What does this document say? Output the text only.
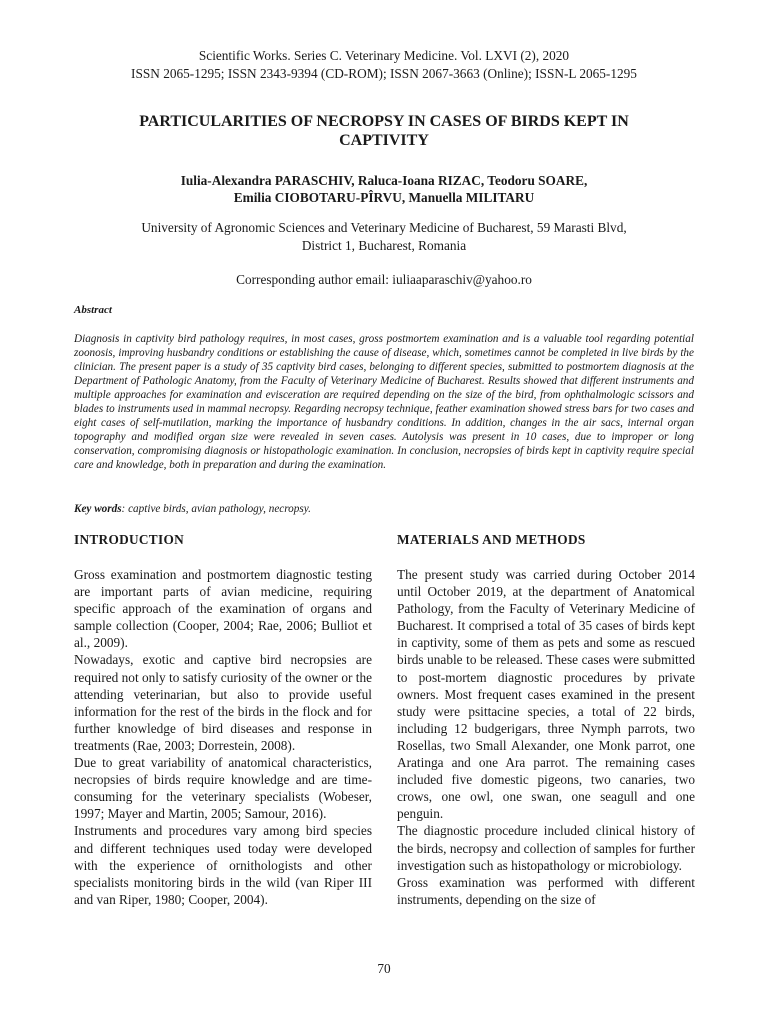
Scientific Works. Series C. Veterinary Medicine. Vol. LXVI (2), 2020
ISSN 2065-1295; ISSN 2343-9394 (CD-ROM); ISSN 2067-3663 (Online); ISSN-L 2065-1295
PARTICULARITIES OF NECROPSY IN CASES OF BIRDS KEPT IN
CAPTIVITY
Iulia-Alexandra PARASCHIV, Raluca-Ioana RIZAC, Teodoru SOARE,
Emilia CIOBOTARU-PÎRVU, Manuella MILITARU
University of Agronomic Sciences and Veterinary Medicine of Bucharest, 59 Marasti Blvd,
District 1, Bucharest, Romania
Corresponding author email: iuliaaparaschiv@yahoo.ro
Abstract
Diagnosis in captivity bird pathology requires, in most cases, gross postmortem examination and is a valuable tool regarding potential zoonosis, improving husbandry conditions or establishing the cause of disease, which, sometimes cannot be completed in live birds by the clinician. The present paper is a study of 35 captivity bird cases, belonging to different species, submitted to postmortem diagnosis at the Department of Pathologic Anatomy, from the Faculty of Veterinary Medicine of Bucharest. Results showed that different instruments and multiple approaches for examination and evisceration are required depending on the size of the bird, from ophthalmologic scissors and blades to instruments used in mammal necropsy. Regarding necropsy technique, feather examination showed stress bars for two cases and eight cases of self-mutilation, marking the importance of husbandry conditions. In addition, changes in the air sacs, internal organ topography and modified organ size were revealed in seven cases. Autolysis was present in 10 cases, due to improper or long conservation, compromising diagnosis or histopathologic examination. In conclusion, necropsies of birds kept in captivity require special care and knowledge, both in preparation and during the examination.
Key words: captive birds, avian pathology, necropsy.
INTRODUCTION	MATERIALS AND METHODS

Gross examination and postmortem diagnostic testing are important parts of avian medicine, requiring specific approach of the examination of organs and sample collection (Cooper, 2004; Rae, 2006; Bulliot et al., 2009).

Nowadays, exotic and captive bird necropsies are required not only to satisfy curiosity of the owner or the attending veterinarian, but also to provide useful information for the rest of the birds in the flock and for further knowledge of bird diseases and response in treatments (Rae, 2003; Dorrestein, 2008).

Due to great variability of anatomical characteristics, necropsies of birds require knowledge and are time-consuming for the veterinary specialists (Wobeser, 1997; Mayer and Martin, 2005; Samour, 2016).

Instruments and procedures vary among bird species and different techniques used today were developed with the experience of ornithologists and other specialists monitoring birds in the wild (van Riper III and van Riper, 1980; Cooper, 2004).

The present study was carried during October 2014 until October 2019, at the department of Anatomical Pathology, from the Faculty of Veterinary Medicine of Bucharest. It comprised a total of 35 cases of birds kept in captivity, some of them as pets and some as rescued birds unable to be released. These cases were submitted to post-mortem diagnostic procedures by private owners. Most frequent cases examined in the present study were psittacine species, a total of 22 birds, including 12 budgerigars, three Nymph parrots, two Rosellas, two Small Alexander, one Monk parrot, one Aratinga and one Ara parrot. The remaining cases included five domestic pigeons, two canaries, two crows, one owl, one swan, one seagull and one penguin.

The diagnostic procedure included clinical history of the birds, necropsy and collection of samples for further investigation such as histopathology or microbiology.

Gross examination was performed with different instruments, depending on the size of

70
